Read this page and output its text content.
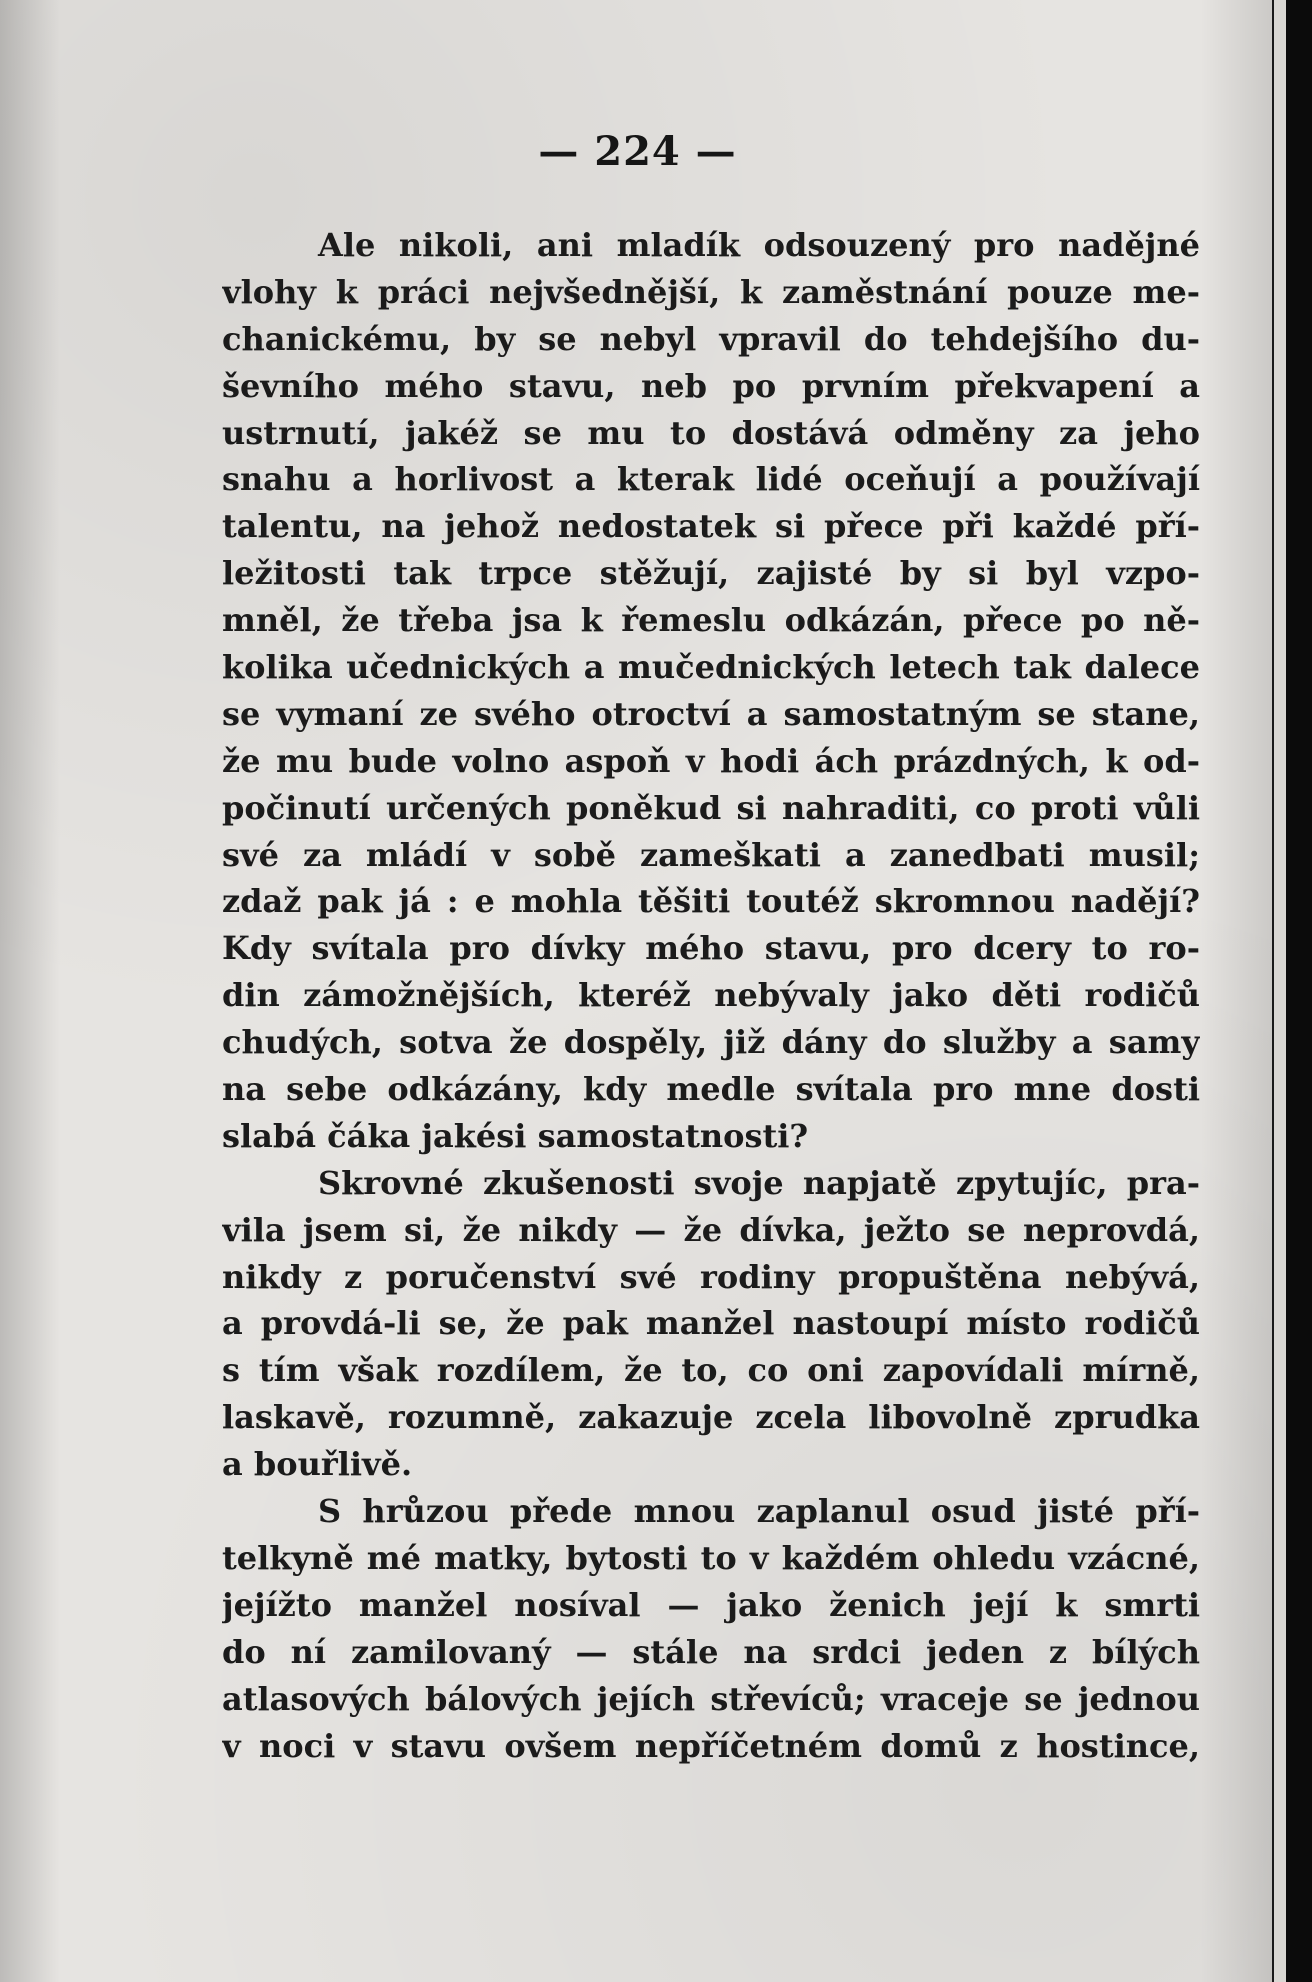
— 224 —
Ale nikoli, ani mladík odsouzený pro nadějné
vlohy k práci nejvšednější, k zaměstnání pouze me-
chanickému, by se nebyl vpravil do tehdejšího du-
ševního mého stavu, neb po prvním překvapení a
ustrnutí, jakéž se mu to dostává odměny za jeho
snahu a horlivost a kterak lidé oceňují a používají
talentu, na jehož nedostatek si přece při každé pří-
ležitosti tak trpce stěžují, zajisté by si byl vzpo-
mněl, že třeba jsa k řemeslu odkázán, přece po ně-
kolika učednických a mučednických letech tak dalece
se vymaní ze svého otroctví a samostatným se stane,
že mu bude volno aspoň v hodi ách prázdných, k od-
počinutí určených poněkud si nahraditi, co proti vůli
své za mládí v sobě zameškati a zanedbati musil;
zdaž pak já : e mohla těšiti toutéž skromnou nadějí?
Kdy svítala pro dívky mého stavu, pro dcery to ro-
din zámožnějších, kteréž nebývaly jako děti rodičů
chudých, sotva že dospěly, již dány do služby a samy
na sebe odkázány, kdy medle svítala pro mne dosti
slabá čáka jakési samostatnosti?
Skrovné zkušenosti svoje napjatě zpytujíc, pra-
vila jsem si, že nikdy — že dívka, ježto se neprovdá,
nikdy z poručenství své rodiny propuštěna nebývá,
a provdá-li se, že pak manžel nastoupí místo rodičů
s tím však rozdílem, že to, co oni zapovídali mírně,
laskavě, rozumně, zakazuje zcela libovolně zprudka
a bouřlivě.
S hrůzou přede mnou zaplanul osud jisté pří-
telkyně mé matky, bytosti to v každém ohledu vzácné,
jejížto manžel nosíval — jako ženich její k smrti
do ní zamilovaný — stále na srdci jeden z bílých
atlasových bálových jejích střevíců; vraceje se jednou
v noci v stavu ovšem nepříčetném domů z hostince,
